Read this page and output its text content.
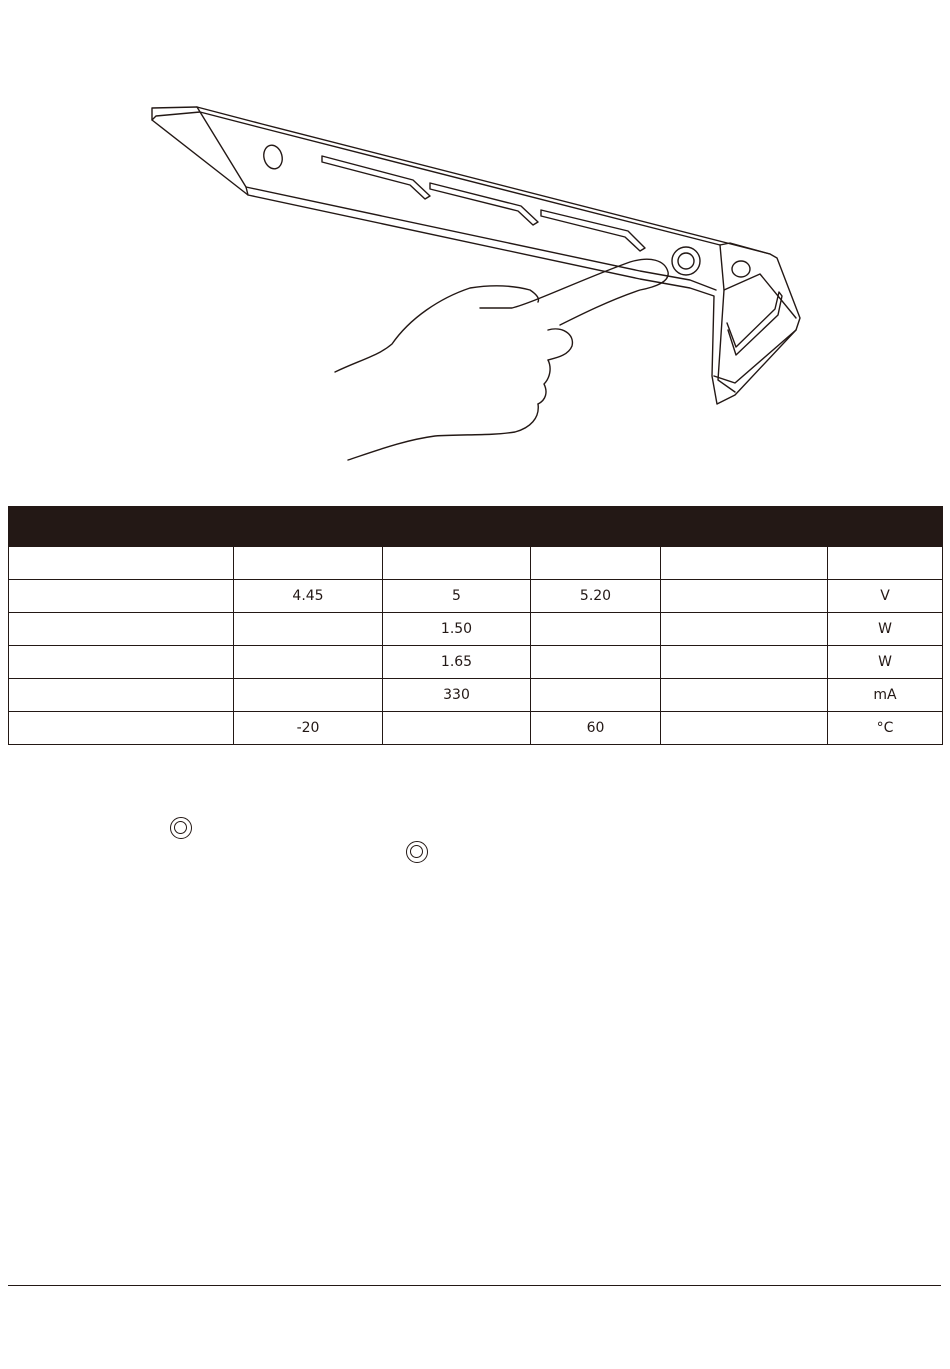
	4.45	5	5.20		V
		1.50			W
		1.65			W
		330			mA
	-20		60		°C
